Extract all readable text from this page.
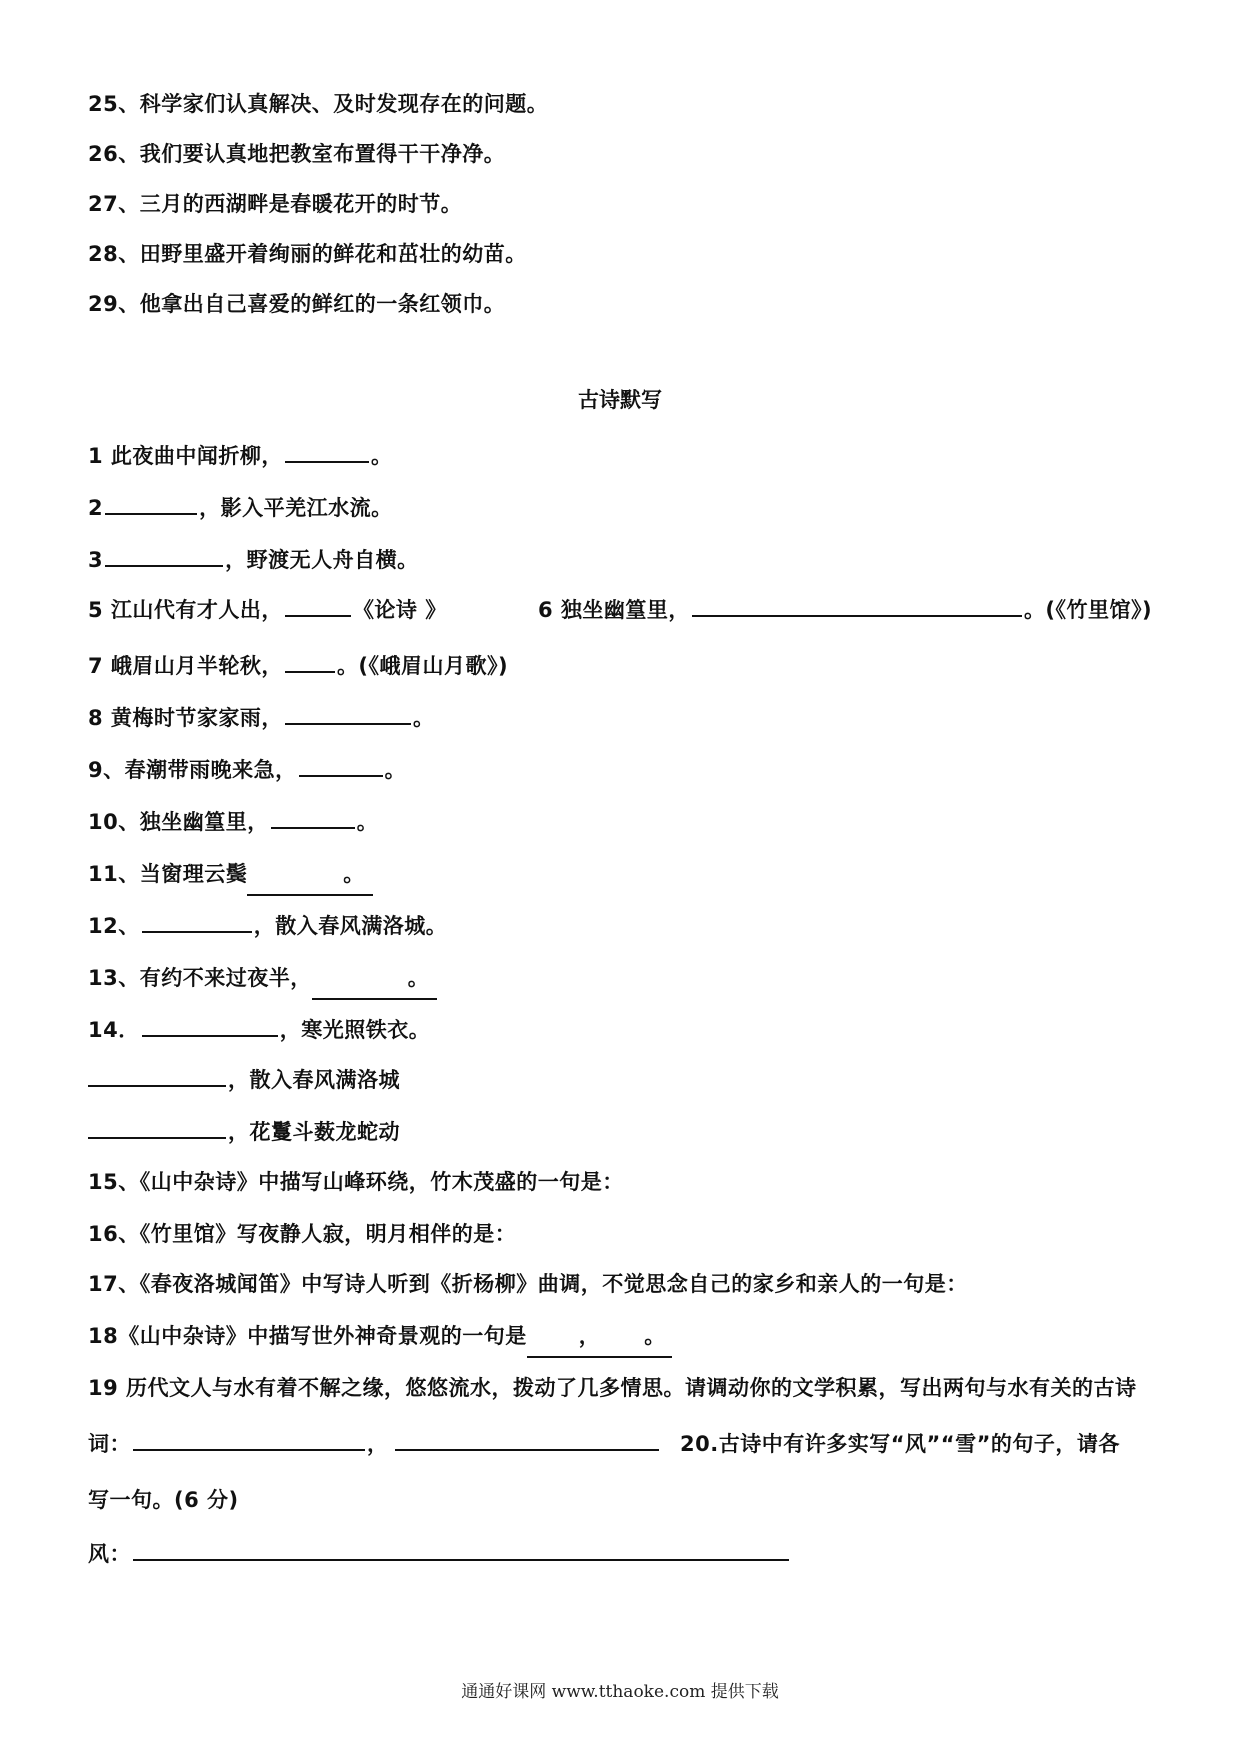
25、科学家们认真解决、及时发现存在的问题。
26、我们要认真地把教室布置得干干净净。
27、三月的西湖畔是春暖花开的时节。
28、田野里盛开着绚丽的鲜花和茁壮的幼苗。
29、他拿出自己喜爱的鲜红的一条红领巾。
古诗默写
1 此夜曲中闻折柳，	。
2	，影入平羌江水流。
3	，野渡无人舟自横。
5 江山代有才人出，	《论诗 》	6 独坐幽篁里，	。(《竹里馆》)
7 峨眉山月半轮秋，	。(《峨眉山月歌》)
8 黄梅时节家家雨，	。
9、春潮带雨晚来急，	。
10、独坐幽篁里，	。
11、当窗理云鬓	。
12、	，散入春风满洛城。
13、有约不来过夜半，	。
14．	，寒光照铁衣。
，散入春风满洛城
，花鬘斗薮龙蛇动
15、《山中杂诗》中描写山峰环绕，竹木茂盛的一句是：
16、《竹里馆》写夜静人寂，明月相伴的是：
17、《春夜洛城闻笛》中写诗人听到《折杨柳》曲调，不觉思念自己的家乡和亲人的一句是：
18《山中杂诗》中描写世外神奇景观的一句是 ， 。
19 历代文人与水有着不解之缘，悠悠流水，拨动了几多情思。请调动你的文学积累，写出两句与水有关的古诗
词：	，	20.古诗中有许多实写“风”“雪”的句子，请各
写一句。(6 分)
风：
通通好课网 www.tthaoke.com 提供下载
